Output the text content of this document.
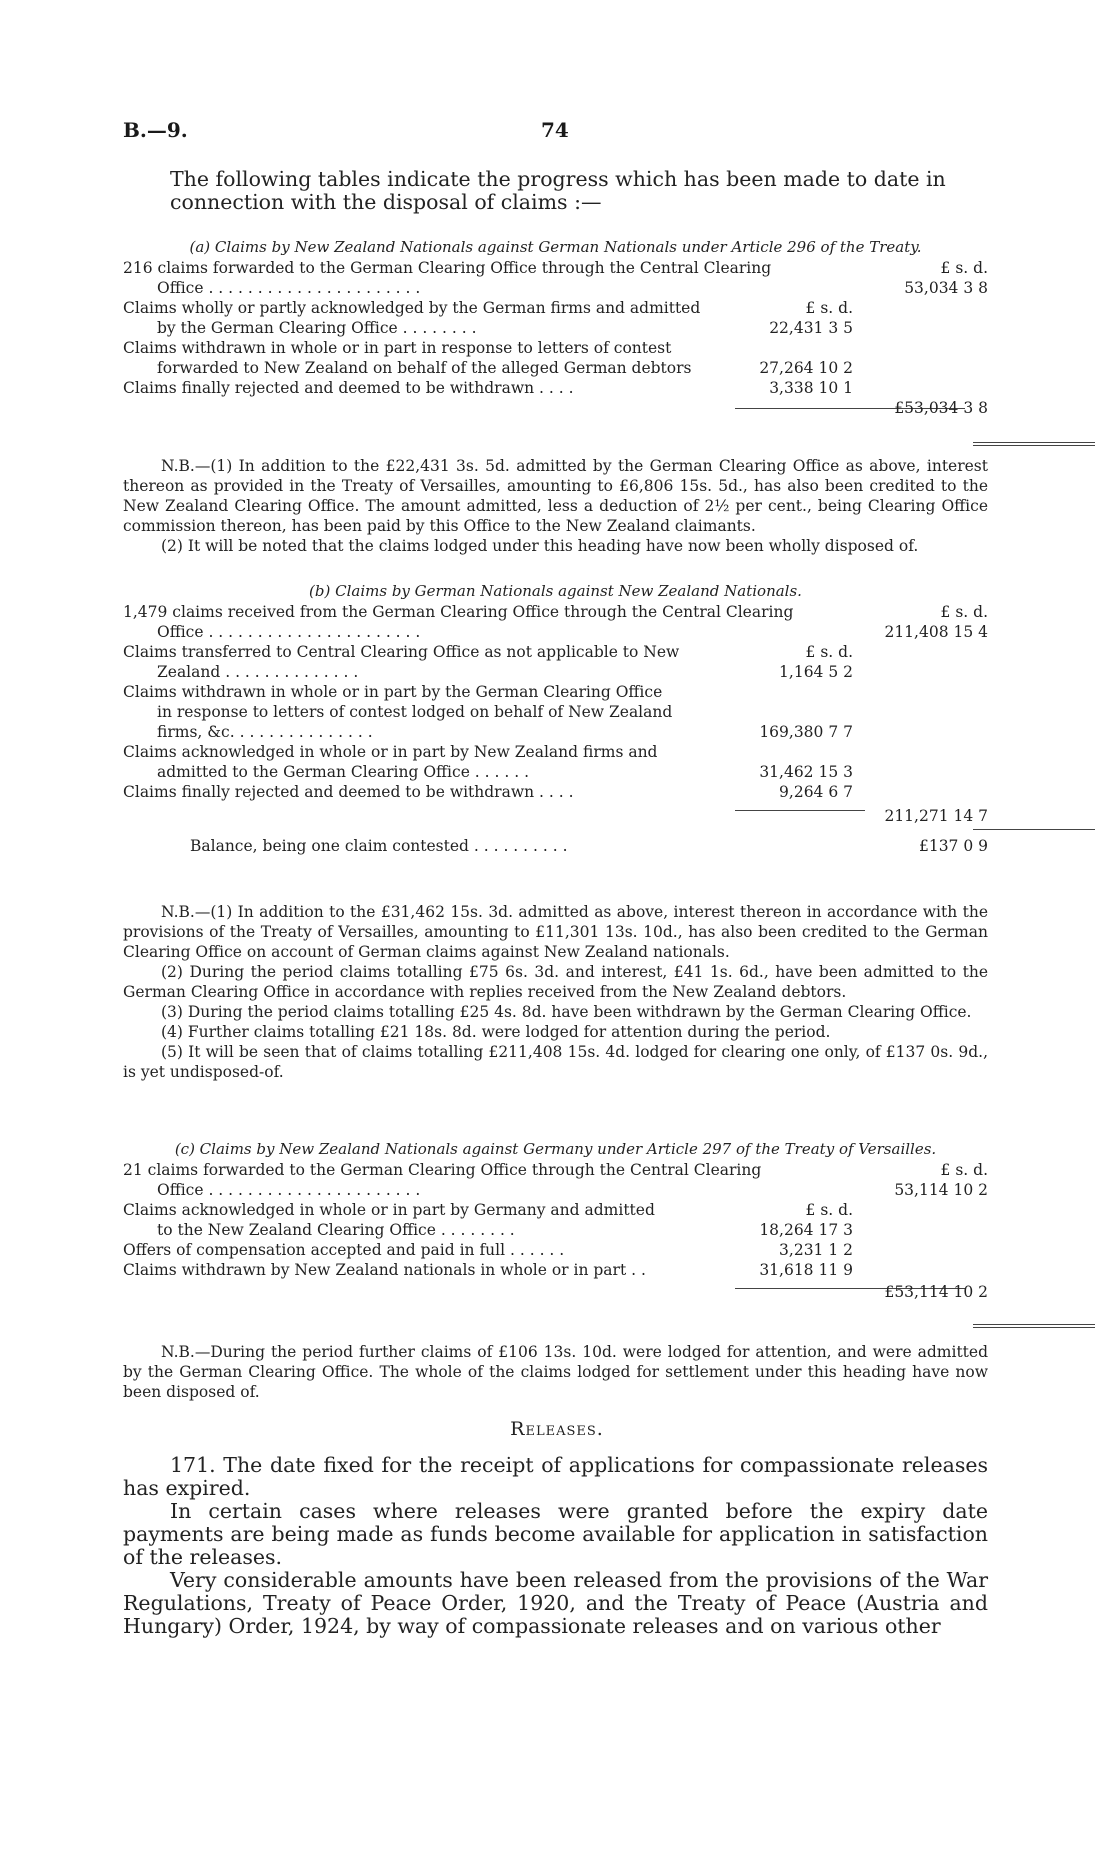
B.—9.	74
The following tables indicate the progress which has been made to date in connection with the disposal of claims :—
(a) Claims by New Zealand Nationals against German Nationals under Article 296 of the Treaty.
216 claims forwarded to the German Clearing Office through the Central Clearing	£ s. d.
Office . . . . . . . . . . . . . . . . . . . . . .	53,034 3 8
Claims wholly or partly acknowledged by the German firms and admitted	£ s. d.
by the German Clearing Office . . . . . . . .	22,431 3 5
Claims withdrawn in whole or in part in response to letters of contest
forwarded to New Zealand on behalf of the alleged German debtors	27,264 10 2
Claims finally rejected and deemed to be withdrawn . . . .	3,338 10 1
£53,034 3 8

N.B.—(1) In addition to the £22,431 3s. 5d. admitted by the German Clearing Office as above, interest thereon as provided in the Treaty of Versailles, amounting to £6,806 15s. 5d., has also been credited to the New Zealand Clearing Office. The amount admitted, less a deduction of 2½ per cent., being Clearing Office commission thereon, has been paid by this Office to the New Zealand claimants.

(2) It will be noted that the claims lodged under this heading have now been wholly disposed of.

(b) Claims by German Nationals against New Zealand Nationals.
1,479 claims received from the German Clearing Office through the Central Clearing	£ s. d.
Office . . . . . . . . . . . . . . . . . . . . . .	211,408 15 4
Claims transferred to Central Clearing Office as not applicable to New	£ s. d.
Zealand . . . . . . . . . . . . . .	1,164 5 2
Claims withdrawn in whole or in part by the German Clearing Office
in response to letters of contest lodged on behalf of New Zealand
firms, &c. . . . . . . . . . . . . . .	169,380 7 7
Claims acknowledged in whole or in part by New Zealand firms and
admitted to the German Clearing Office . . . . . .	31,462 15 3
Claims finally rejected and deemed to be withdrawn . . . .	9,264 6 7
211,271 14 7
Balance, being one claim contested . . . . . . . . . .	£137 0 9

N.B.—(1) In addition to the £31,462 15s. 3d. admitted as above, interest thereon in accordance with the provisions of the Treaty of Versailles, amounting to £11,301 13s. 10d., has also been credited to the German Clearing Office on account of German claims against New Zealand nationals.

(2) During the period claims totalling £75 6s. 3d. and interest, £41 1s. 6d., have been admitted to the German Clearing Office in accordance with replies received from the New Zealand debtors.

(3) During the period claims totalling £25 4s. 8d. have been withdrawn by the German Clearing Office.

(4) Further claims totalling £21 18s. 8d. were lodged for attention during the period.

(5) It will be seen that of claims totalling £211,408 15s. 4d. lodged for clearing one only, of £137 0s. 9d., is yet undisposed-of.

(c) Claims by New Zealand Nationals against Germany under Article 297 of the Treaty of Versailles.
21 claims forwarded to the German Clearing Office through the Central Clearing	£ s. d.
Office . . . . . . . . . . . . . . . . . . . . . .	53,114 10 2
Claims acknowledged in whole or in part by Germany and admitted	£ s. d.
to the New Zealand Clearing Office . . . . . . . .	18,264 17 3
Offers of compensation accepted and paid in full . . . . . .	3,231 1 2
Claims withdrawn by New Zealand nationals in whole or in part . .	31,618 11 9
£53,114 10 2

N.B.—During the period further claims of £106 13s. 10d. were lodged for attention, and were admitted by the German Clearing Office. The whole of the claims lodged for settlement under this heading have now been disposed of.

Releases.

171. The date fixed for the receipt of applications for compassionate releases has expired.

In certain cases where releases were granted before the expiry date payments are being made as funds become available for application in satisfaction of the releases.

Very considerable amounts have been released from the provisions of the War Regulations, Treaty of Peace Order, 1920, and the Treaty of Peace (Austria and Hungary) Order, 1924, by way of compassionate releases and on various other
